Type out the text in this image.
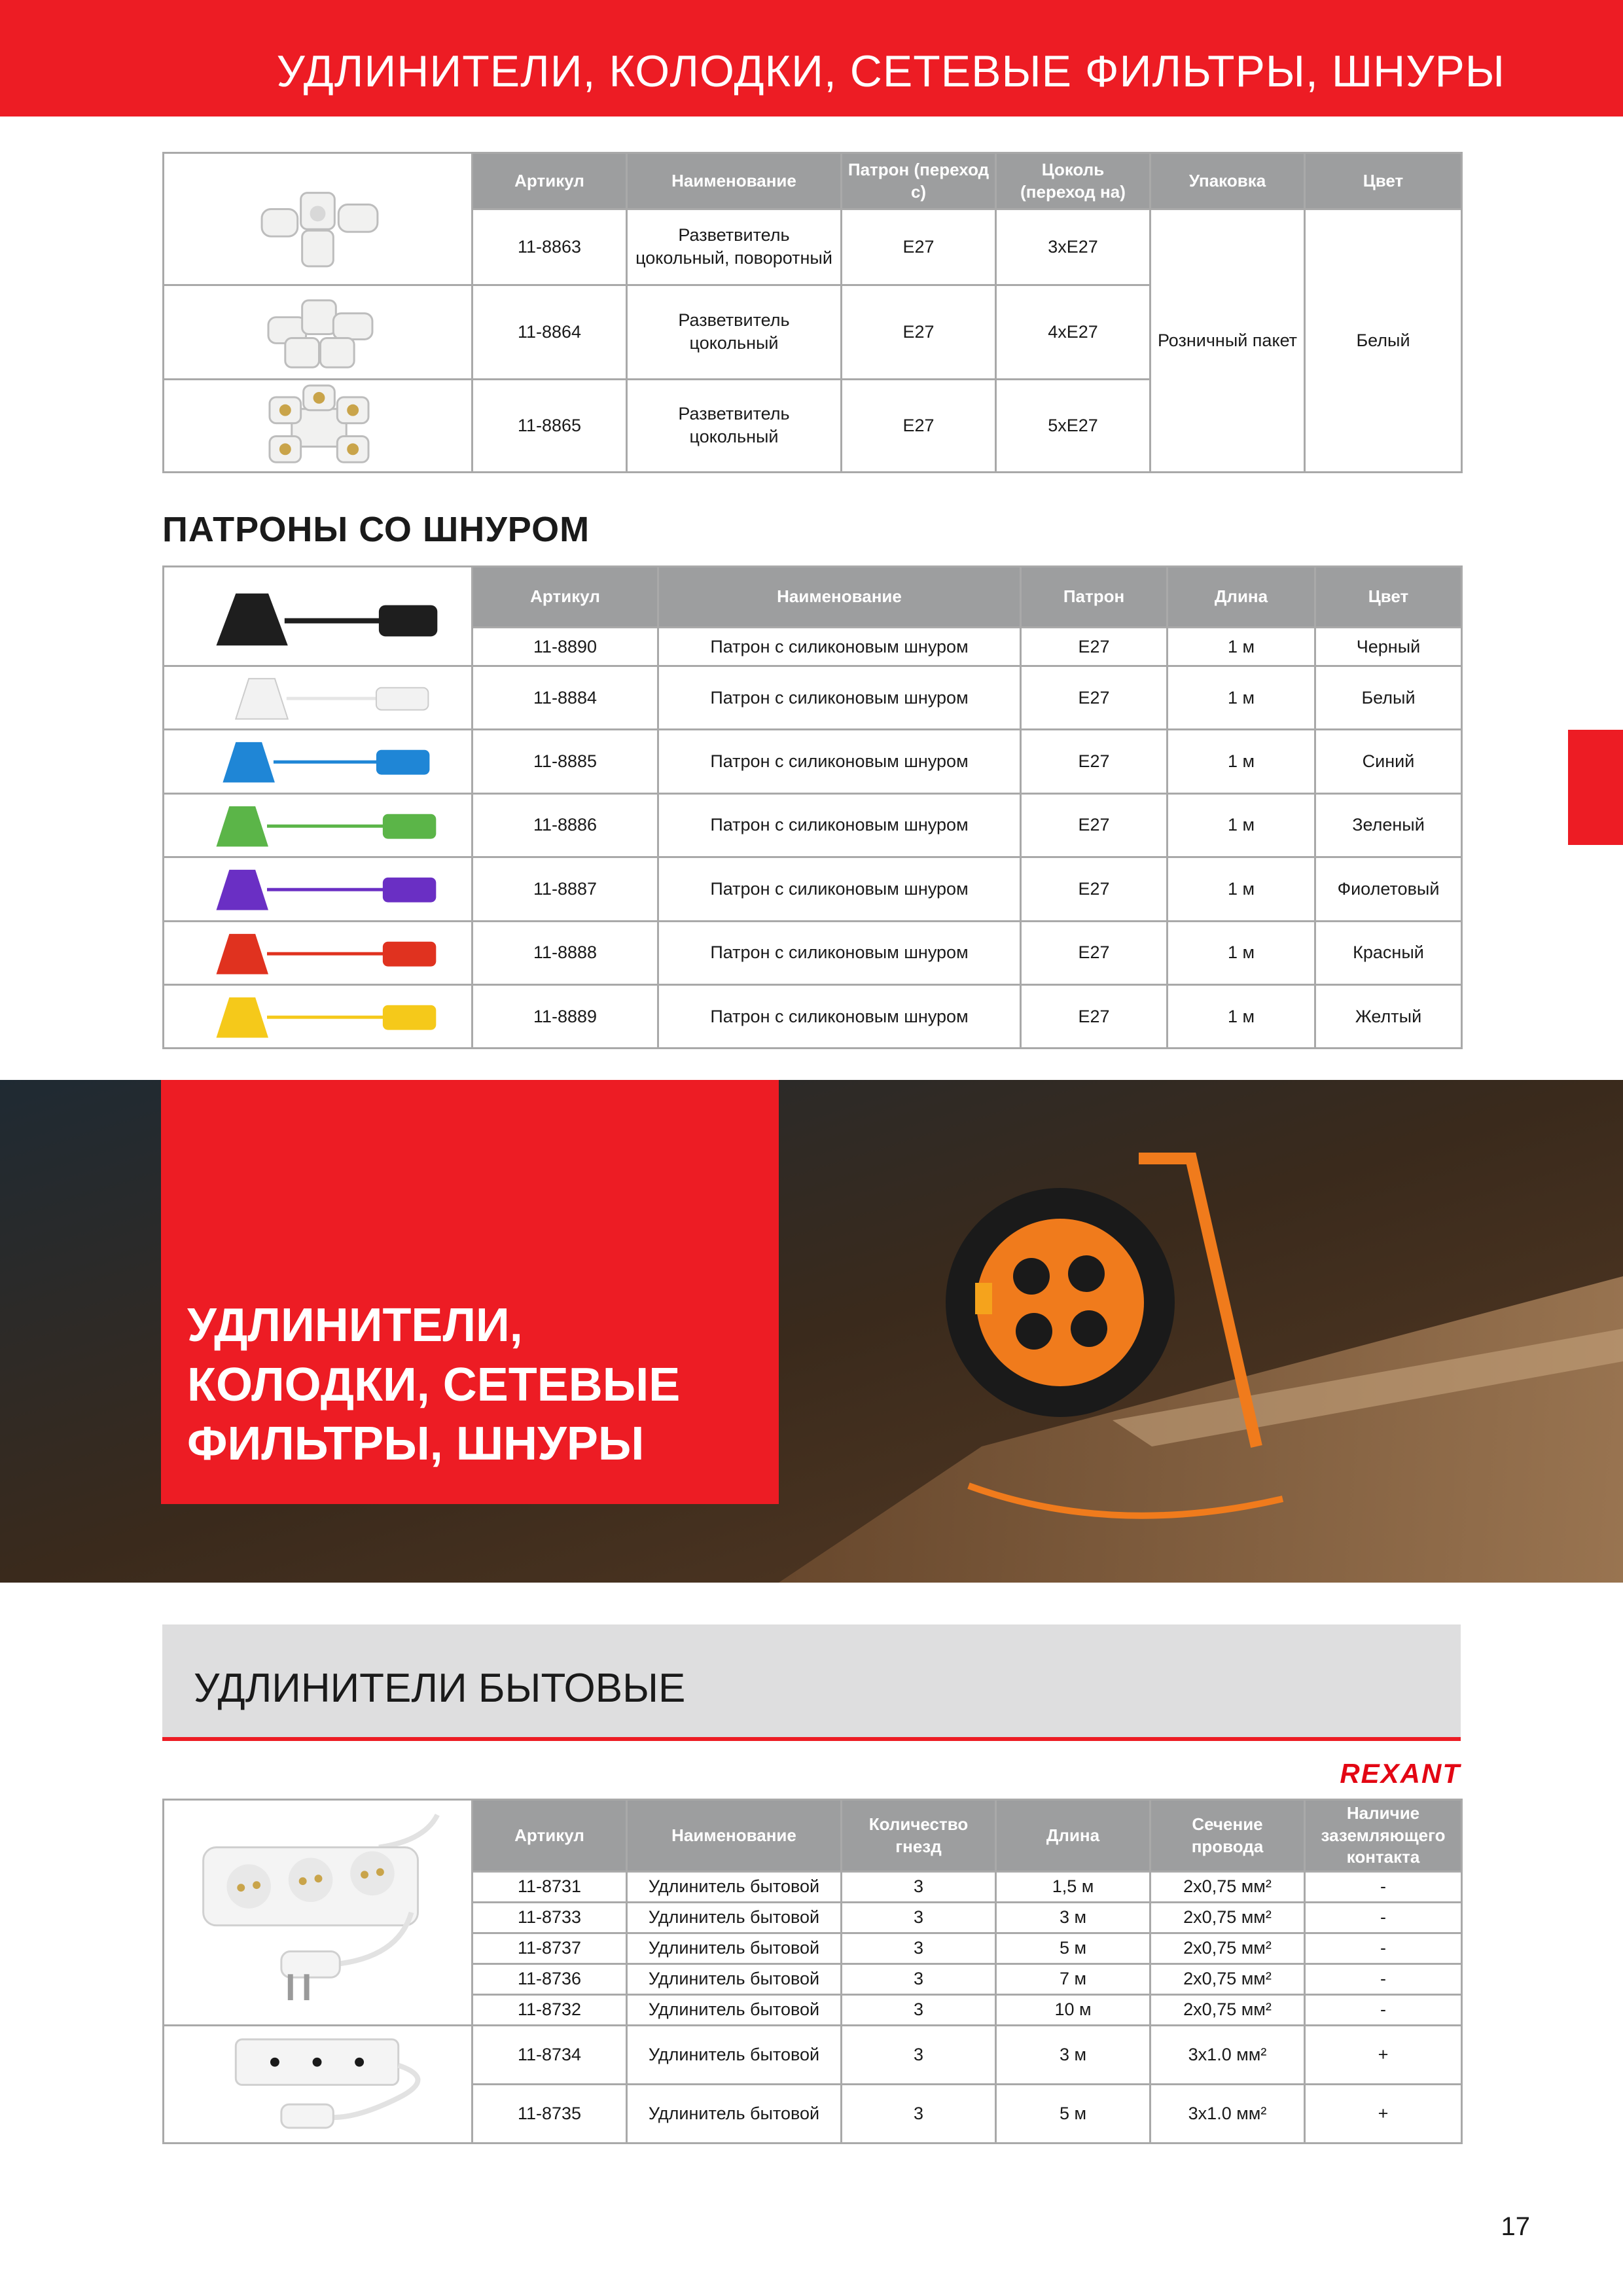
УДЛИНИТЕЛИ, КОЛОДКИ, СЕТЕВЫЕ ФИЛЬТРЫ, ШНУРЫ
	Артикул	Наименование	Патрон (переход с)	Цоколь (переход на)	Упаковка	Цвет
	11-8863	Разветвитель цокольный, поворотный	E27	3xE27	Розничный пакет	Белый

	11-8864	Разветвитель цокольный	E27	4xE27		

	11-8865	Разветвитель цокольный	E27	5xE27		
ПАТРОНЫ СО ШНУРОМ
	Артикул	Наименование	Патрон	Длина	Цвет
	11-8890	Патрон с силиконовым шнуром	E27	1 м	Черный

	11-8884	Патрон с силиконовым шнуром	E27	1 м	Белый

	11-8885	Патрон с силиконовым шнуром	E27	1 м	Синий

	11-8886	Патрон с силиконовым шнуром	E27	1 м	Зеленый

	11-8887	Патрон с силиконовым шнуром	E27	1 м	Фиолетовый

	11-8888	Патрон с силиконовым шнуром	E27	1 м	Красный

	11-8889	Патрон с силиконовым шнуром	E27	1 м	Желтый
УДЛИНИТЕЛИ,
КОЛОДКИ, СЕТЕВЫЕ
ФИЛЬТРЫ, ШНУРЫ
УДЛИНИТЕЛИ БЫТОВЫЕ
REXANT
	Артикул	Наименование	Количество гнезд	Длина	Сечение провода	Наличие заземляющего контакта
	11-8731	Удлинитель бытовой	3	1,5 м	2x0,75 мм²	-
	11-8733	Удлинитель бытовой	3	3 м	2x0,75 мм²	-
	11-8737	Удлинитель бытовой	3	5 м	2x0,75 мм²	-
	11-8736	Удлинитель бытовой	3	7 м	2x0,75 мм²	-
	11-8732	Удлинитель бытовой	3	10 м	2x0,75 мм²	-

	11-8734	Удлинитель бытовой	3	3 м	3x1.0 мм²	+
	11-8735	Удлинитель бытовой	3	5 м	3x1.0 мм²	+
17
